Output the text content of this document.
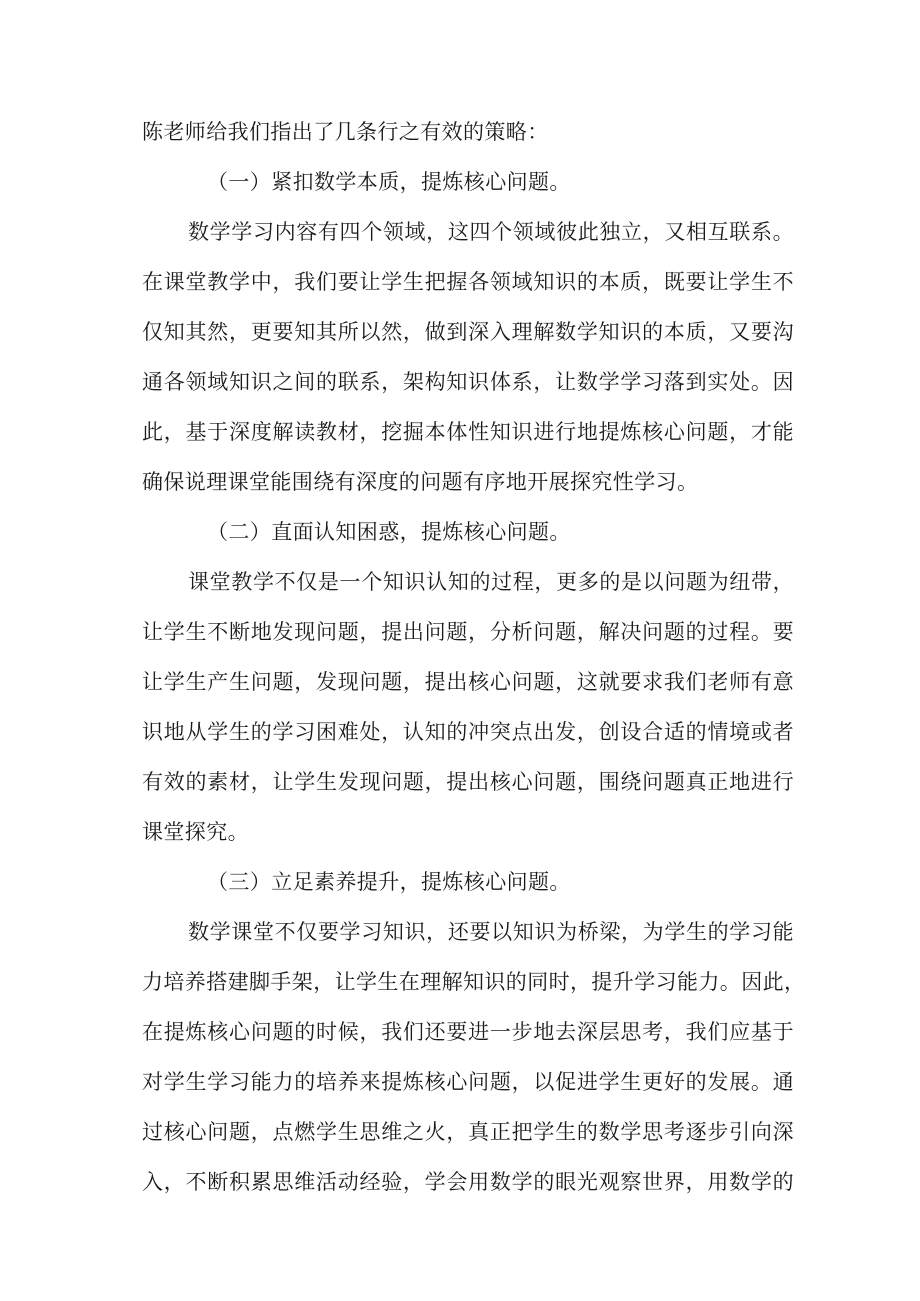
陈老师给我们指出了几条行之有效的策略：

（一）紧扣数学本质，提炼核心问题。

数学学习内容有四个领域，这四个领域彼此独立，又相互联系。

在课堂教学中，我们要让学生把握各领域知识的本质，既要让学生不

仅知其然，更要知其所以然，做到深入理解数学知识的本质，又要沟

通各领域知识之间的联系，架构知识体系，让数学学习落到实处。因

此，基于深度解读教材，挖掘本体性知识进行地提炼核心问题，才能

确保说理课堂能围绕有深度的问题有序地开展探究性学习。

（二）直面认知困惑，提炼核心问题。

课堂教学不仅是一个知识认知的过程，更多的是以问题为纽带，

让学生不断地发现问题，提出问题，分析问题，解决问题的过程。要

让学生产生问题，发现问题，提出核心问题，这就要求我们老师有意

识地从学生的学习困难处，认知的冲突点出发，创设合适的情境或者

有效的素材，让学生发现问题，提出核心问题，围绕问题真正地进行

课堂探究。

（三）立足素养提升，提炼核心问题。

数学课堂不仅要学习知识，还要以知识为桥梁，为学生的学习能

力培养搭建脚手架，让学生在理解知识的同时，提升学习能力。因此，

在提炼核心问题的时候，我们还要进一步地去深层思考，我们应基于

对学生学习能力的培养来提炼核心问题，以促进学生更好的发展。通

过核心问题，点燃学生思维之火，真正把学生的数学思考逐步引向深

入，不断积累思维活动经验，学会用数学的眼光观察世界，用数学的
